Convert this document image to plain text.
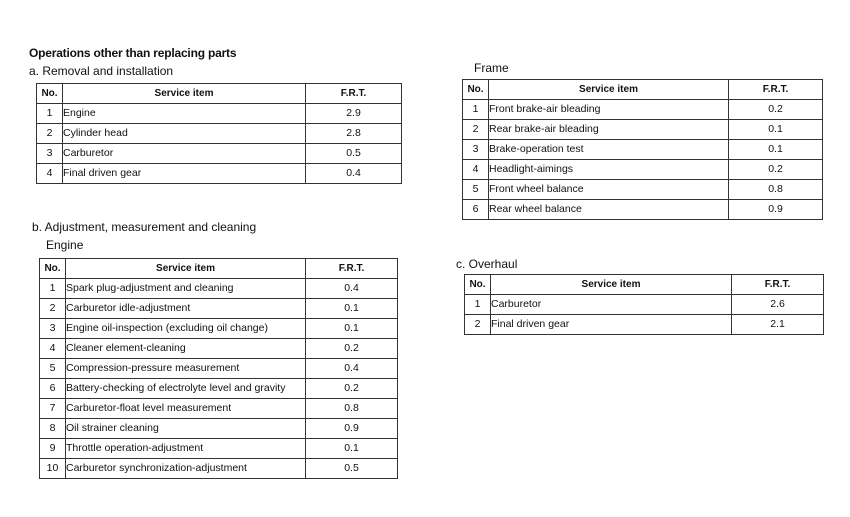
Operations other than replacing parts
a. Removal and installation
No.	Service item	F.R.T.
1	Engine	2.9
2	Cylinder head	2.8
3	Carburetor	0.5
4	Final driven gear	0.4
Frame
No.	Service item	F.R.T.
1	Front brake-air bleading	0.2
2	Rear brake-air bleading	0.1
3	Brake-operation test	0.1
4	Headlight-aimings	0.2
5	Front wheel balance	0.8
6	Rear wheel balance	0.9
b. Adjustment, measurement and cleaning
Engine
No.	Service item	F.R.T.
1	Spark plug-adjustment and cleaning	0.4
2	Carburetor idle-adjustment	0.1
3	Engine oil-inspection (excluding oil change)	0.1
4	Cleaner element-cleaning	0.2
5	Compression-pressure measurement	0.4
6	Battery-checking of electrolyte level and gravity	0.2
7	Carburetor-float level measurement	0.8
8	Oil strainer cleaning	0.9
9	Throttle operation-adjustment	0.1
10	Carburetor synchronization-adjustment	0.5
c. Overhaul
No.	Service item	F.R.T.
1	Carburetor	2.6
2	Final driven gear	2.1
